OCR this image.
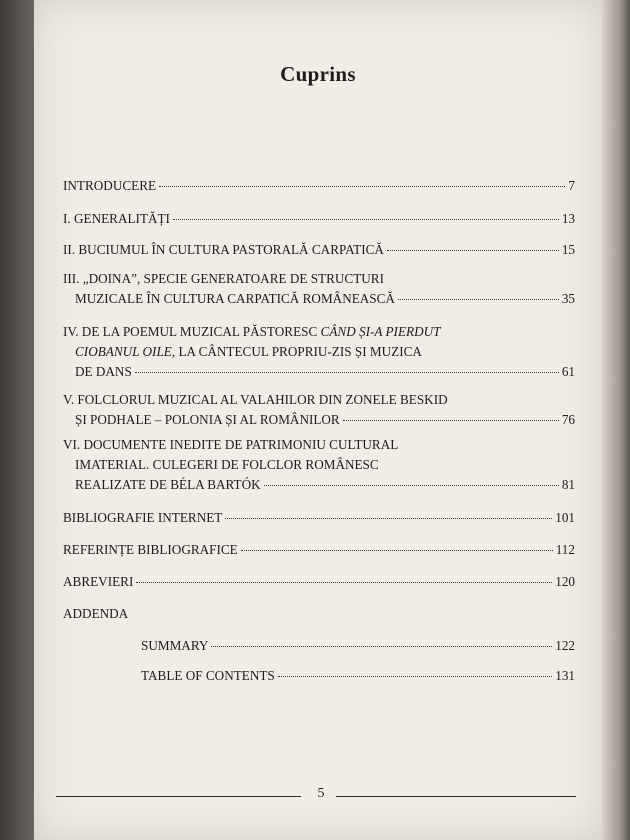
Cuprins
INTRODUCERE	7
I. GENERALITĂȚI	13
II. BUCIUMUL ÎN CULTURA PASTORALĂ CARPATICĂ	15
III. „DOINA”, SPECIE GENERATOARE DE STRUCTURI
MUZICALE ÎN CULTURA CARPATICĂ ROMÂNEASCĂ	35
IV. DE LA POEMUL MUZICAL PĂSTORESC CÂND ȘI-A PIERDUT
CIOBANUL OILE, LA CÂNTECUL PROPRIU-ZIS ȘI MUZICA
DE DANS	61
V. FOLCLORUL MUZICAL AL VALAHILOR DIN ZONELE BESKID
ȘI PODHALE – POLONIA ȘI AL ROMÂNILOR	76
VI. DOCUMENTE INEDITE DE PATRIMONIU CULTURAL
IMATERIAL. CULEGERI DE FOLCLOR ROMÂNESC
REALIZATE DE BÉLA BARTÓK	81
BIBLIOGRAFIE INTERNET	101
REFERINȚE BIBLIOGRAFICE	112
ABREVIERI	120
ADDENDA
SUMMARY	122
TABLE OF CONTENTS	131
5
